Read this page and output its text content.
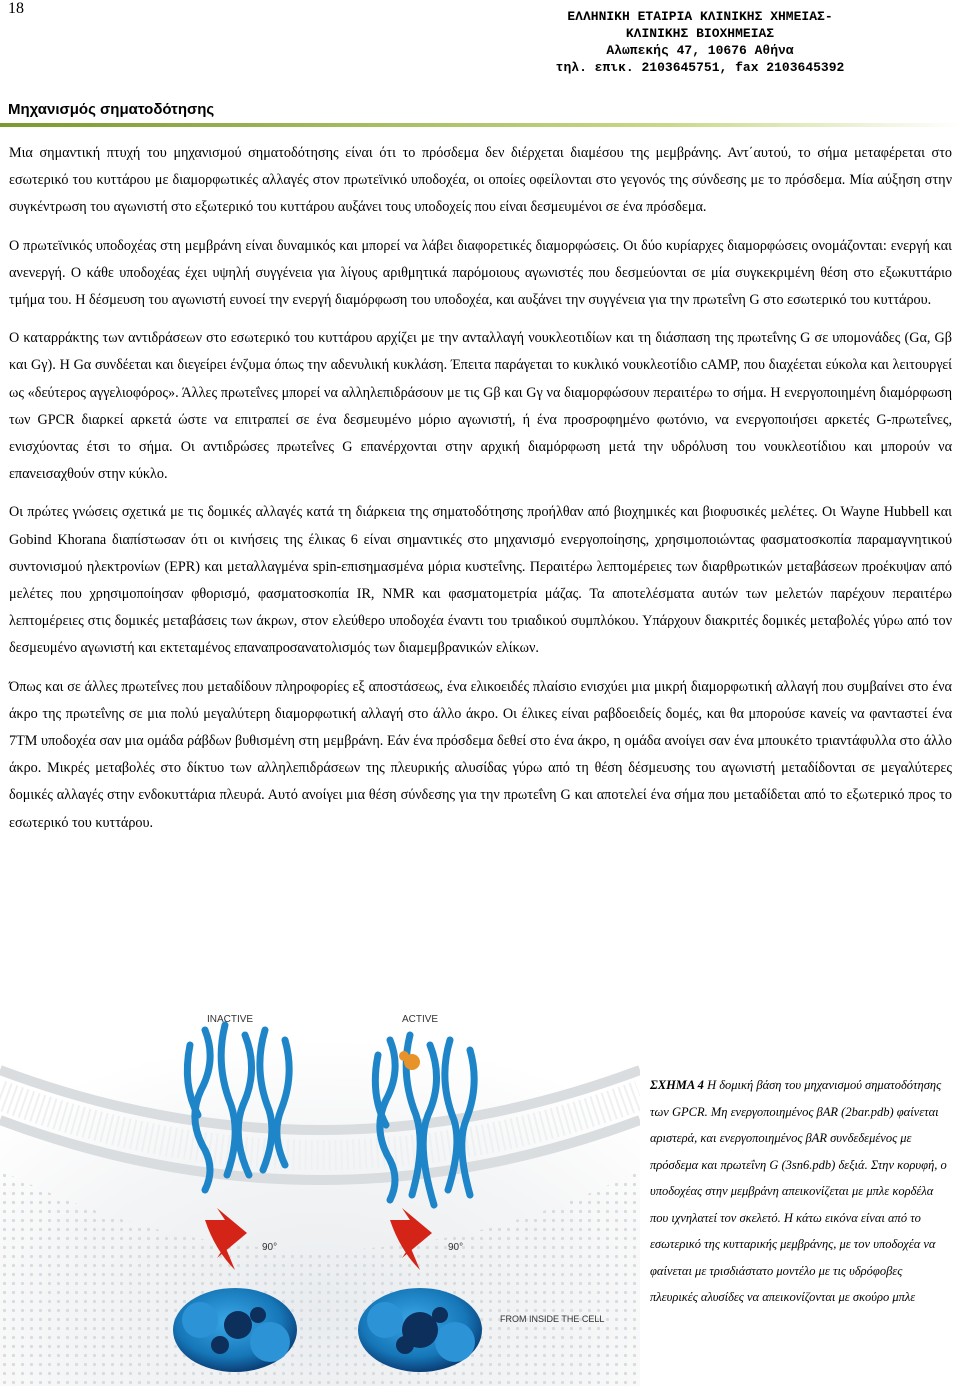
18	ΕΛΛΗΝΙΚΗ ΕΤΑΙΡΙΑ ΚΛΙΝΙΚΗΣ ΧΗΜΕΙΑΣ-
ΚΛΙΝΙΚΗΣ ΒΙΟΧΗΜΕΙΑΣ
Αλωπεκής 47, 10676 Αθήνα
τηλ. επικ. 2103645751, fax 2103645392
Μηχανισμός σηματοδότησης

Μια σημαντική πτυχή του μηχανισμού σηματοδότησης είναι ότι το πρόσδεμα δεν διέρχεται διαμέσου της μεμβράνης. Αντ΄αυτού, το σήμα μεταφέρεται στο εσωτερικό του κυττάρου με διαμορφωτικές αλλαγές στον πρωτεϊνικό υποδοχέα, οι οποίες οφείλονται στο γεγονός της σύνδεσης με το πρόσδεμα. Μία αύξηση στην συγκέντρωση του αγωνιστή στο εξωτερικό του κυττάρου αυξάνει τους υποδοχείς που είναι δεσμευμένοι σε ένα πρόσδεμα.

Ο πρωτεϊνικός υποδοχέας στη μεμβράνη είναι δυναμικός και μπορεί να λάβει διαφορετικές διαμορφώσεις. Οι δύο κυρίαρχες διαμορφώσεις ονομάζονται: ενεργή και ανενεργή. Ο κάθε υποδοχέας έχει υψηλή συγγένεια για λίγους αριθμητικά παρόμοιους αγωνιστές που δεσμεύονται σε μία συγκεκριμένη θέση στο εξωκυττάριο τμήμα του. Η δέσμευση του αγωνιστή ευνοεί την ενεργή διαμόρφωση του υποδοχέα, και αυξάνει την συγγένεια για την πρωτεΐνη G στο εσωτερικό του κυττάρου.

Ο καταρράκτης των αντιδράσεων στο εσωτερικό του κυττάρου αρχίζει με την ανταλλαγή νουκλεοτιδίων και τη διάσπαση της πρωτεΐνης G σε υπομονάδες (Gα, Gβ και Gγ). Η Gα συνδέεται και διεγείρει ένζυμα όπως την αδενυλική κυκλάση. Έπειτα παράγεται το κυκλικό νουκλεοτίδιο cAMP, που διαχέεται εύκολα και λειτουργεί ως «δεύτερος αγγελιοφόρος». Άλλες πρωτεΐνες μπορεί να αλληλεπιδράσουν με τις Gβ και Gγ να διαμορφώσουν περαιτέρω το σήμα. Η ενεργοποιημένη διαμόρφωση των GPCR διαρκεί αρκετά ώστε να επιτραπεί σε ένα δεσμευμένο μόριο αγωνιστή, ή ένα προσροφημένο φωτόνιο, να ενεργοποιήσει αρκετές G-πρωτεΐνες, ενισχύοντας έτσι το σήμα. Οι αντιδρώσες πρωτεΐνες G επανέρχονται στην αρχική διαμόρφωση μετά την υδρόλυση του νουκλεοτίδιου και μπορούν να επανεισαχθούν στην κύκλο.

Οι πρώτες γνώσεις σχετικά με τις δομικές αλλαγές κατά τη διάρκεια της σηματοδότησης προήλθαν από βιοχημικές και βιοφυσικές μελέτες. Οι Wayne Hubbell και Gobind Khorana διαπίστωσαν ότι οι κινήσεις της έλικας 6 είναι σημαντικές στο μηχανισμό ενεργοποίησης, χρησιμοποιώντας φασματοσκοπία παραμαγνητικού συντονισμού ηλεκτρονίων (EPR) και μεταλλαγμένα spin-επισημασμένα μόρια κυστεΐνης. Περαιτέρω λεπτομέρειες των διαρθρωτικών μεταβάσεων προέκυψαν από μελέτες που χρησιμοποίησαν φθορισμό, φασματοσκοπία IR, NMR και φασματομετρία μάζας. Τα αποτελέσματα αυτών των μελετών παρέχουν περαιτέρω λεπτομέρειες στις δομικές μεταβάσεις των άκρων, στον ελεύθερο υποδοχέα έναντι του τριαδικού συμπλόκου. Υπάρχουν διακριτές δομικές μεταβολές γύρω από τον δεσμευμένο αγωνιστή και εκτεταμένος επαναπροσανατολισμός των διαμεμβρανικών ελίκων.

Όπως και σε άλλες πρωτεΐνες που μεταδίδουν πληροφορίες εξ αποστάσεως, ένα ελικοειδές πλαίσιο ενισχύει μια μικρή διαμορφωτική αλλαγή που συμβαίνει στο ένα άκρο της πρωτεΐνης σε μια πολύ μεγαλύτερη διαμορφωτική αλλαγή στο άλλο άκρο. Οι έλικες είναι ραβδοειδείς δομές, και θα μπορούσε κανείς να φανταστεί ένα 7TM υποδοχέα σαν μια ομάδα ράβδων βυθισμένη στη μεμβράνη. Εάν ένα πρόσδεμα δεθεί στο ένα άκρο, η ομάδα ανοίγει σαν ένα μπουκέτο τριαντάφυλλα στο άλλο άκρο. Μικρές μεταβολές στο δίκτυο των αλληλεπιδράσεων της πλευρικής αλυσίδας γύρω από τη θέση δέσμευσης του αγωνιστή μεταδίδονται σε μεγαλύτερες δομικές αλλαγές στην ενδοκυττάρια πλευρά. Αυτό ανοίγει μια θέση σύνδεσης για την πρωτεΐνη G και αποτελεί ένα σήμα που μεταδίδεται από το εξωτερικό προς το εσωτερικό του κυττάρου.

INACTIVE	ACTIVE
90°	90°
FROM INSIDE THE CELL
ΣΧΗΜΑ 4 Η δομική βάση του μηχανισμού σηματοδότησης των GPCR. Μη ενεργοποιημένος βAR (2bar.pdb) φαίνεται αριστερά, και ενεργοποιημένος βAR συνδεδεμένος με πρόσδεμα και πρωτεΐνη G (3sn6.pdb) δεξιά. Στην κορυφή, ο υποδοχέας στην μεμβράνη απεικονίζεται με μπλε κορδέλα που ιχνηλατεί τον σκελετό. Η κάτω εικόνα είναι από το εσωτερικό της κυτταρικής μεμβράνης, με τον υποδοχέα να φαίνεται με τρισδιάστατο μοντέλο με τις υδρόφοβες πλευρικές αλυσίδες να απεικονίζονται με σκούρο μπλε
